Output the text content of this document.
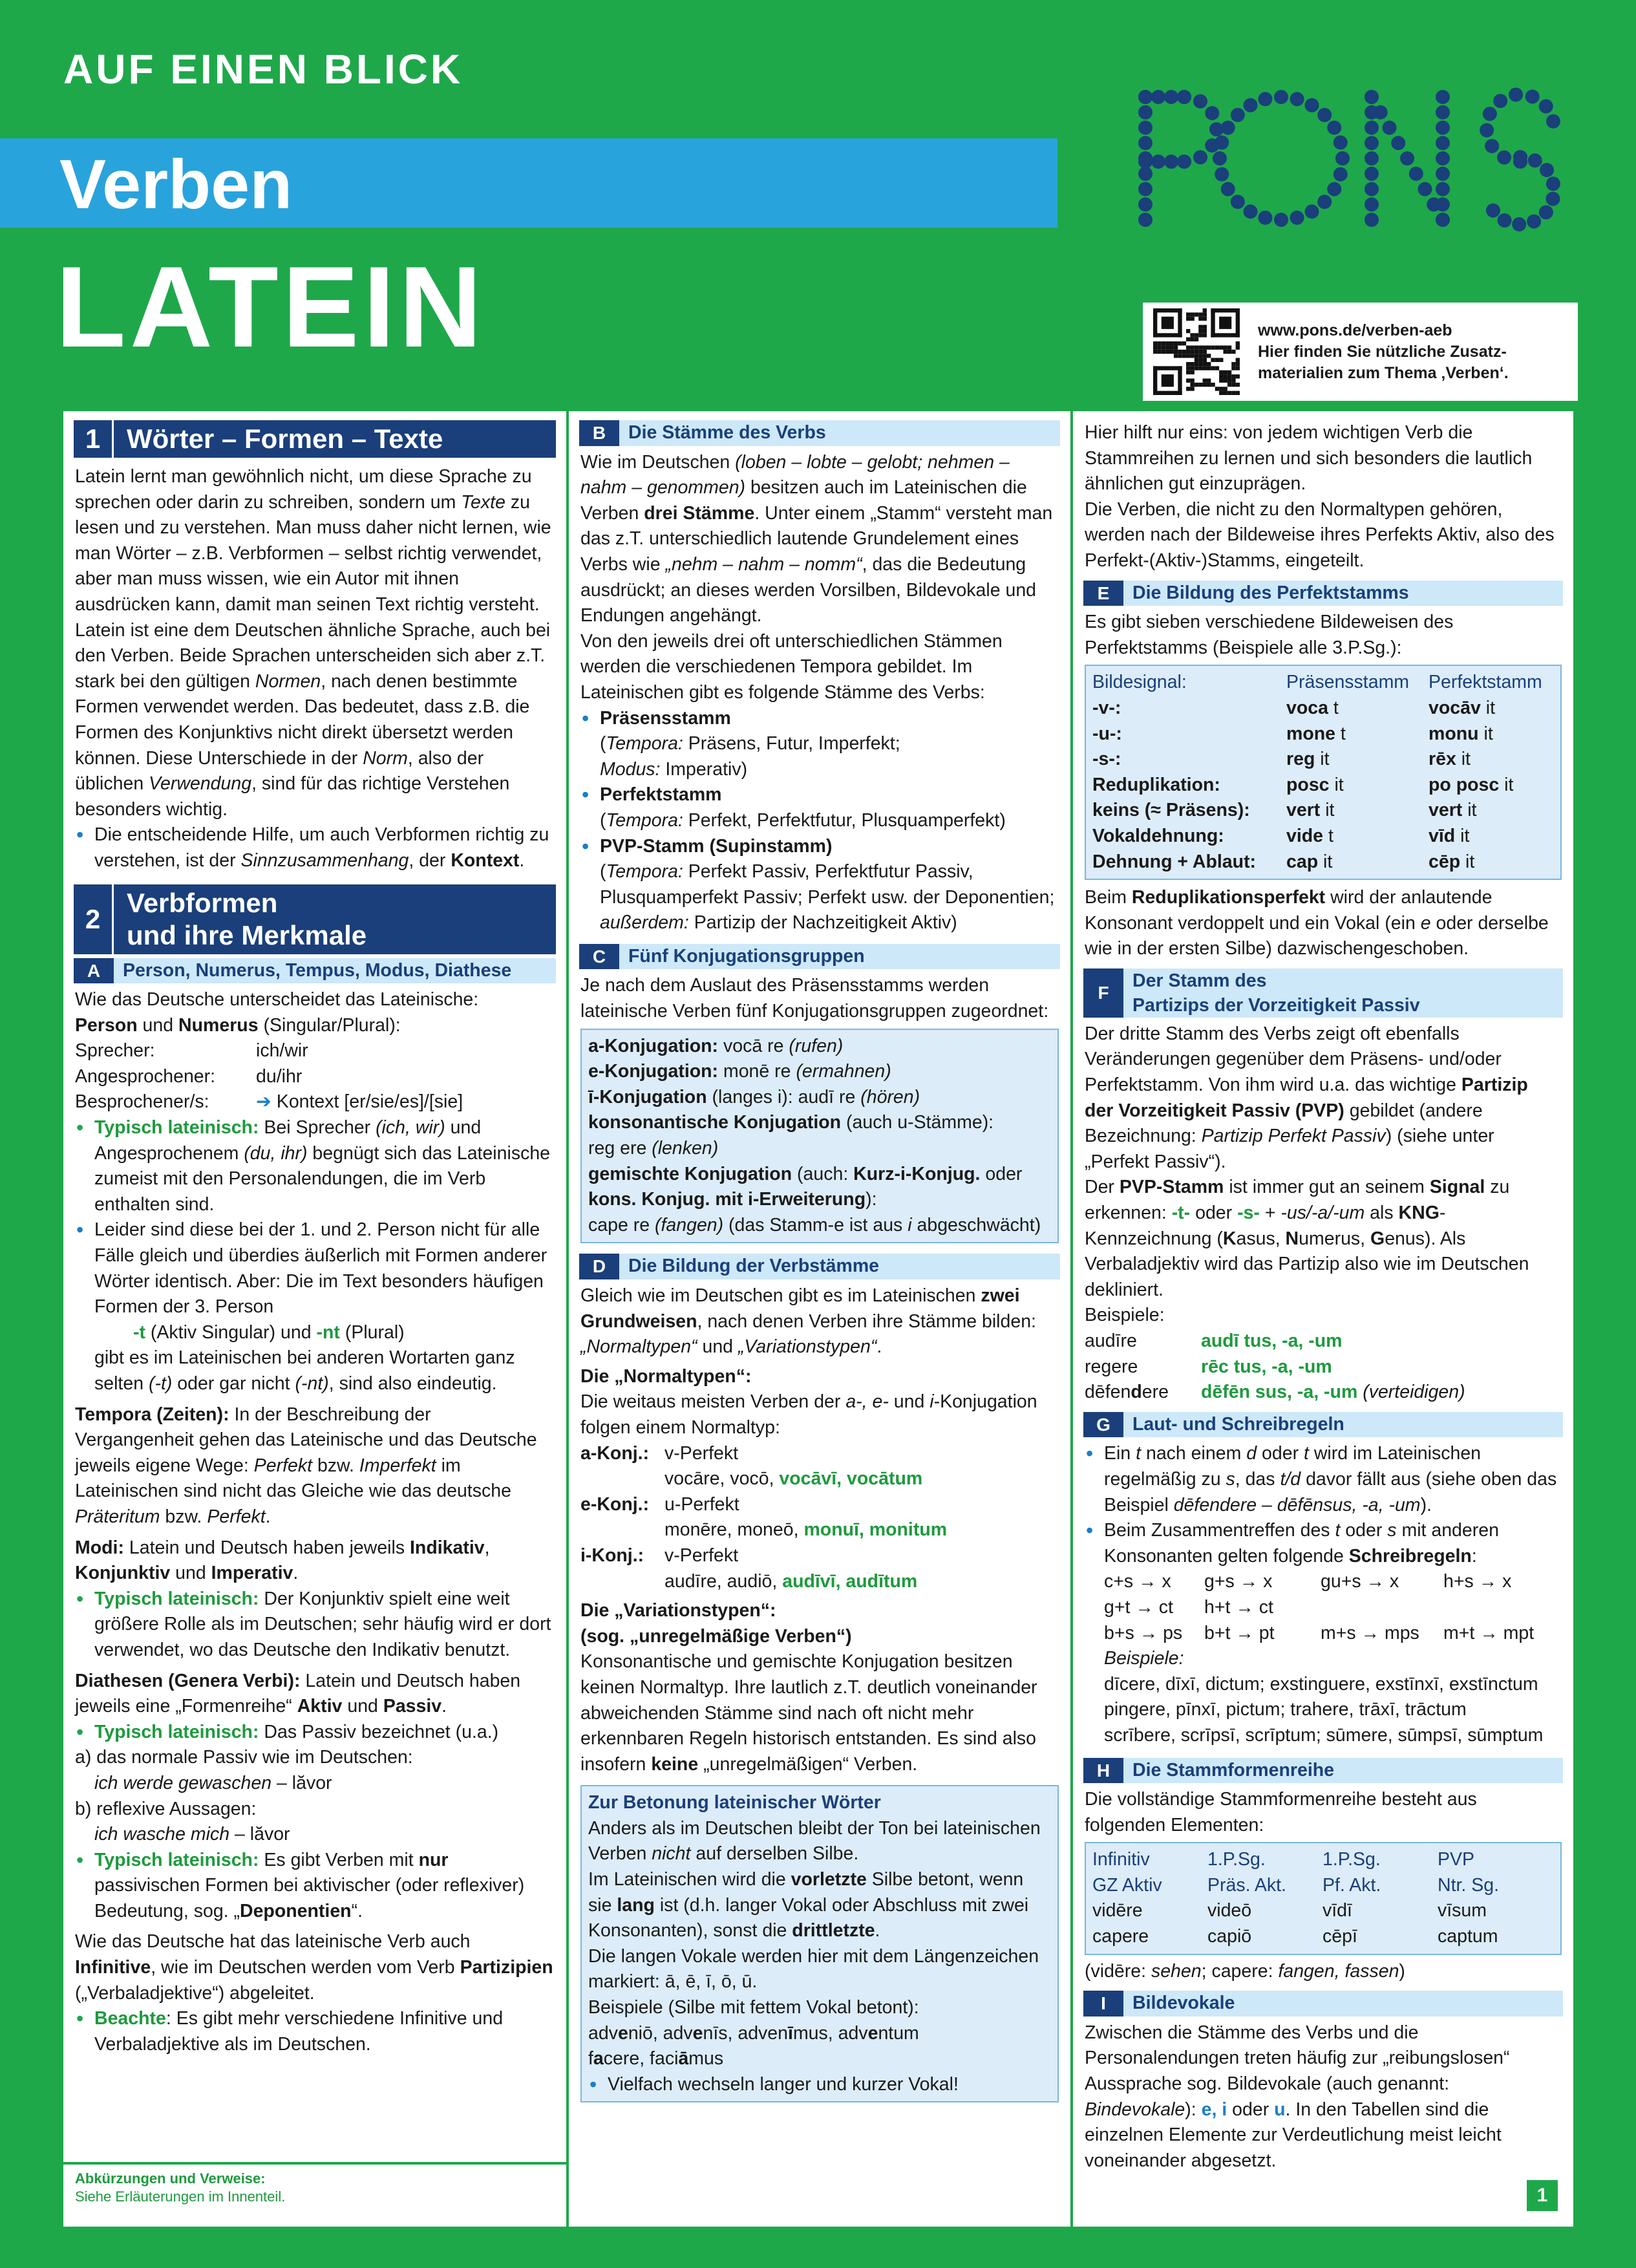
AUF EINEN BLICK
Verben
LATEIN	www.pons.de/verben-aeb
Hier finden Sie nützliche Zusatz-
materialien zum Thema ‚Verben‘.
1 Wörter – Formen – Texte

Latein lernt man gewöhnlich nicht, um diese Sprache zu sprechen oder darin zu schreiben, sondern um Texte zu lesen und zu verstehen. Man muss daher nicht lernen, wie man Wörter – z.B. Verbformen – selbst richtig verwendet, aber man muss wissen, wie ein Autor mit ihnen ausdrücken kann, damit man seinen Text richtig versteht.

Latein ist eine dem Deutschen ähnliche Sprache, auch bei den Verben. Beide Sprachen unterscheiden sich aber z.T. stark bei den gültigen Normen, nach denen bestimmte Formen verwendet werden. Das bedeutet, dass z.B. die Formen des Konjunktivs nicht direkt übersetzt werden können. Diese Unterschiede in der Norm, also der üblichen Verwendung, sind für das richtige Verstehen besonders wichtig.

• Die entscheidende Hilfe, um auch Verbformen richtig zu verstehen, ist der Sinnzusammenhang, der Kontext.

2
Verbformen
und ihre Merkmale
A	Person, Numerus, Tempus, Modus, Diathese

Wie das Deutsche unterscheidet das Lateinische:

Person und Numerus (Singular/Plural):

Sprecher:	ich/wir
Angesprochener:	du/ihr
Besprochener/s:	➔ Kontext [er/sie/es]/[sie]

• Typisch lateinisch: Bei Sprecher (ich, wir) und Angesprochenem (du, ihr) begnügt sich das Lateinische zumeist mit den Personalendungen, die im Verb enthalten sind.

• Leider sind diese bei der 1. und 2. Person nicht für alle Fälle gleich und überdies äußerlich mit Formen anderer Wörter identisch. Aber: Die im Text besonders häufigen Formen der 3. Person

-t (Aktiv Singular) und -nt (Plural)

gibt es im Lateinischen bei anderen Wortarten ganz selten (-t) oder gar nicht (-nt), sind also eindeutig.

Tempora (Zeiten): In der Beschreibung der Vergangenheit gehen das Lateinische und das Deutsche jeweils eigene Wege: Perfekt bzw. Imperfekt im Lateinischen sind nicht das Gleiche wie das deutsche Präteritum bzw. Perfekt.

Modi: Latein und Deutsch haben jeweils Indikativ, Konjunktiv und Imperativ.

• Typisch lateinisch: Der Konjunktiv spielt eine weit größere Rolle als im Deutschen; sehr häufig wird er dort verwendet, wo das Deutsche den Indikativ benutzt.

Diathesen (Genera Verbi): Latein und Deutsch haben jeweils eine „Formenreihe“ Aktiv und Passiv.

• Typisch lateinisch: Das Passiv bezeichnet (u.a.)

a) das normale Passiv wie im Deutschen:

ich werde gewaschen – lăvor

b) reflexive Aussagen:

ich wasche mich – lăvor

• Typisch lateinisch: Es gibt Verben mit nur passivischen Formen bei aktivischer (oder reflexiver) Bedeutung, sog. „Deponentien“.

Wie das Deutsche hat das lateinische Verb auch Infinitive, wie im Deutschen werden vom Verb Partizipien („Verbaladjektive“) abgeleitet.

• Beachte: Es gibt mehr verschiedene Infinitive und Verbaladjektive als im Deutschen.

Abkürzungen und Verweise:
Siehe Erläuterungen im Innenteil.
B	Die Stämme des Verbs

Wie im Deutschen (loben – lobte – gelobt; nehmen – nahm – genommen) besitzen auch im Lateinischen die Verben drei Stämme. Unter einem „Stamm“ versteht man das z.T. unterschiedlich lautende Grundelement eines Verbs wie „nehm – nahm – nomm“, das die Bedeutung ausdrückt; an dieses werden Vorsilben, Bildevokale und Endungen angehängt.

Von den jeweils drei oft unterschiedlichen Stämmen werden die verschiedenen Tempora gebildet. Im Lateinischen gibt es folgende Stämme des Verbs:

• Präsensstamm

(Tempora: Präsens, Futur, Imperfekt;

Modus: Imperativ)

• Perfektstamm

(Tempora: Perfekt, Perfektfutur, Plusquamperfekt)

• PVP-Stamm (Supinstamm)

(Tempora: Perfekt Passiv, Perfektfutur Passiv, Plusquamperfekt Passiv; Perfekt usw. der Deponentien; außerdem: Partizip der Nachzeitigkeit Aktiv)

C	Fünf Konjugationsgruppen

Je nach dem Auslaut des Präsensstamms werden lateinische Verben fünf Konjugationsgruppen zugeordnet:

a-Konjugation: vocā re (rufen)

e-Konjugation: monē re (ermahnen)

ī-Konjugation (langes i): audī re (hören)

konsonantische Konjugation (auch u-Stämme):

reg ere (lenken)

gemischte Konjugation (auch: Kurz-i-Konjug. oder kons. Konjug. mit i-Erweiterung):

cape re (fangen) (das Stamm-e ist aus i abgeschwächt)

D	Die Bildung der Verbstämme

Gleich wie im Deutschen gibt es im Lateinischen zwei Grundweisen, nach denen Verben ihre Stämme bilden: „Normaltypen“ und „Variationstypen“.

Die „Normaltypen“:

Die weitaus meisten Verben der a-, e- und i-Konjugation folgen einem Normaltyp:

a-Konj.: v-Perfekt
vocāre, vocō, vocāvī, vocātum
e-Konj.: u-Perfekt
monēre, moneō, monuī, monitum
i-Konj.:	v-Perfekt
audīre, audiō, audīvī, audītum

Die „Variationstypen“:

(sog. „unregelmäßige Verben“)

Konsonantische und gemischte Konjugation besitzen keinen Normaltyp. Ihre lautlich z.T. deutlich voneinander abweichenden Stämme sind nach oft nicht mehr erkennbaren Regeln historisch entstanden. Es sind also insofern keine „unregelmäßigen“ Verben.

Zur Betonung lateinischer Wörter

Anders als im Deutschen bleibt der Ton bei lateinischen Verben nicht auf derselben Silbe.

Im Lateinischen wird die vorletzte Silbe betont, wenn sie lang ist (d.h. langer Vokal oder Abschluss mit zwei Konsonanten), sonst die drittletzte.

Die langen Vokale werden hier mit dem Längenzeichen markiert: ā, ē, ī, ō, ū.

Beispiele (Silbe mit fettem Vokal betont):

adveniō, advenīs, advenīmus, adventum

facere, faciāmus

• Vielfach wechseln langer und kurzer Vokal!

Hier hilft nur eins: von jedem wichtigen Verb die Stammreihen zu lernen und sich besonders die lautlich ähnlichen gut einzuprägen.

Die Verben, die nicht zu den Normaltypen gehören, werden nach der Bildeweise ihres Perfekts Aktiv, also des Perfekt-(Aktiv-)Stamms, eingeteilt.

E	Die Bildung des Perfektstamms

Es gibt sieben verschiedene Bildeweisen des Perfektstamms (Beispiele alle 3.P.Sg.):

Bildesignal:	Präsensstamm	Perfektstamm
-v-:	voca t	vocāv it
-u-:	mone t	monu it
-s-:	reg it	rēx it
Reduplikation:	posc it	po posc it
keins (≈ Präsens):	vert it	vert it
Vokaldehnung:	vide t	vīd it
Dehnung + Ablaut:	cap it	cēp it

Beim Reduplikationsperfekt wird der anlautende Konsonant verdoppelt und ein Vokal (ein e oder derselbe wie in der ersten Silbe) dazwischengeschoben.

F
Der Stamm des
Partizips der Vorzeitigkeit Passiv

Der dritte Stamm des Verbs zeigt oft ebenfalls Veränderungen gegenüber dem Präsens- und/oder Perfektstamm. Von ihm wird u.a. das wichtige Partizip der Vorzeitigkeit Passiv (PVP) gebildet (andere Bezeichnung: Partizip Perfekt Passiv) (siehe unter „Perfekt Passiv“).

Der PVP-Stamm ist immer gut an seinem Signal zu erkennen: -t- oder -s- + -us/-a/-um als KNG-Kennzeichnung (Kasus, Numerus, Genus). Als Verbaladjektiv wird das Partizip also wie im Deutschen dekliniert.

Beispiele:

audīre	audī tus, -a, -um
regere	rēc tus, -a, -um
dēfendere	dēfēn sus, -a, -um (verteidigen)
G	Laut- und Schreibregeln

• Ein t nach einem d oder t wird im Lateinischen regelmäßig zu s, das t/d davor fällt aus (siehe oben das Beispiel dēfendere – dēfēnsus, -a, -um).

• Beim Zusammentreffen des t oder s mit anderen Konsonanten gelten folgende Schreibregeln:

c+s → x	g+s → x	gu+s → x	h+s → x
g+t → ct	h+t → ct
b+s → ps	b+t → pt	m+s → mps	m+t → mpt

Beispiele:

dīcere, dīxī, dictum; exstinguere, exstīnxī, exstīnctum

pingere, pīnxī, pictum; trahere, trāxī, trāctum

scrībere, scrīpsī, scrīptum; sūmere, sūmpsī, sūmptum

H	Die Stammformenreihe

Die vollständige Stammformenreihe besteht aus folgenden Elementen:

Infinitiv	1.P.Sg.	1.P.Sg.	PVP
GZ Aktiv	Präs. Akt.	Pf. Akt.	Ntr. Sg.
vidēre	videō	vīdī	vīsum
capere	capiō	cēpī	captum

(vidēre: sehen; capere: fangen, fassen)

I	Bildevokale

Zwischen die Stämme des Verbs und die Personalendungen treten häufig zur „reibungslosen“ Aussprache sog. Bildevokale (auch genannt: Bindevokale): e, i oder u. In den Tabellen sind die einzelnen Elemente zur Verdeutlichung meist leicht voneinander abgesetzt.

1
